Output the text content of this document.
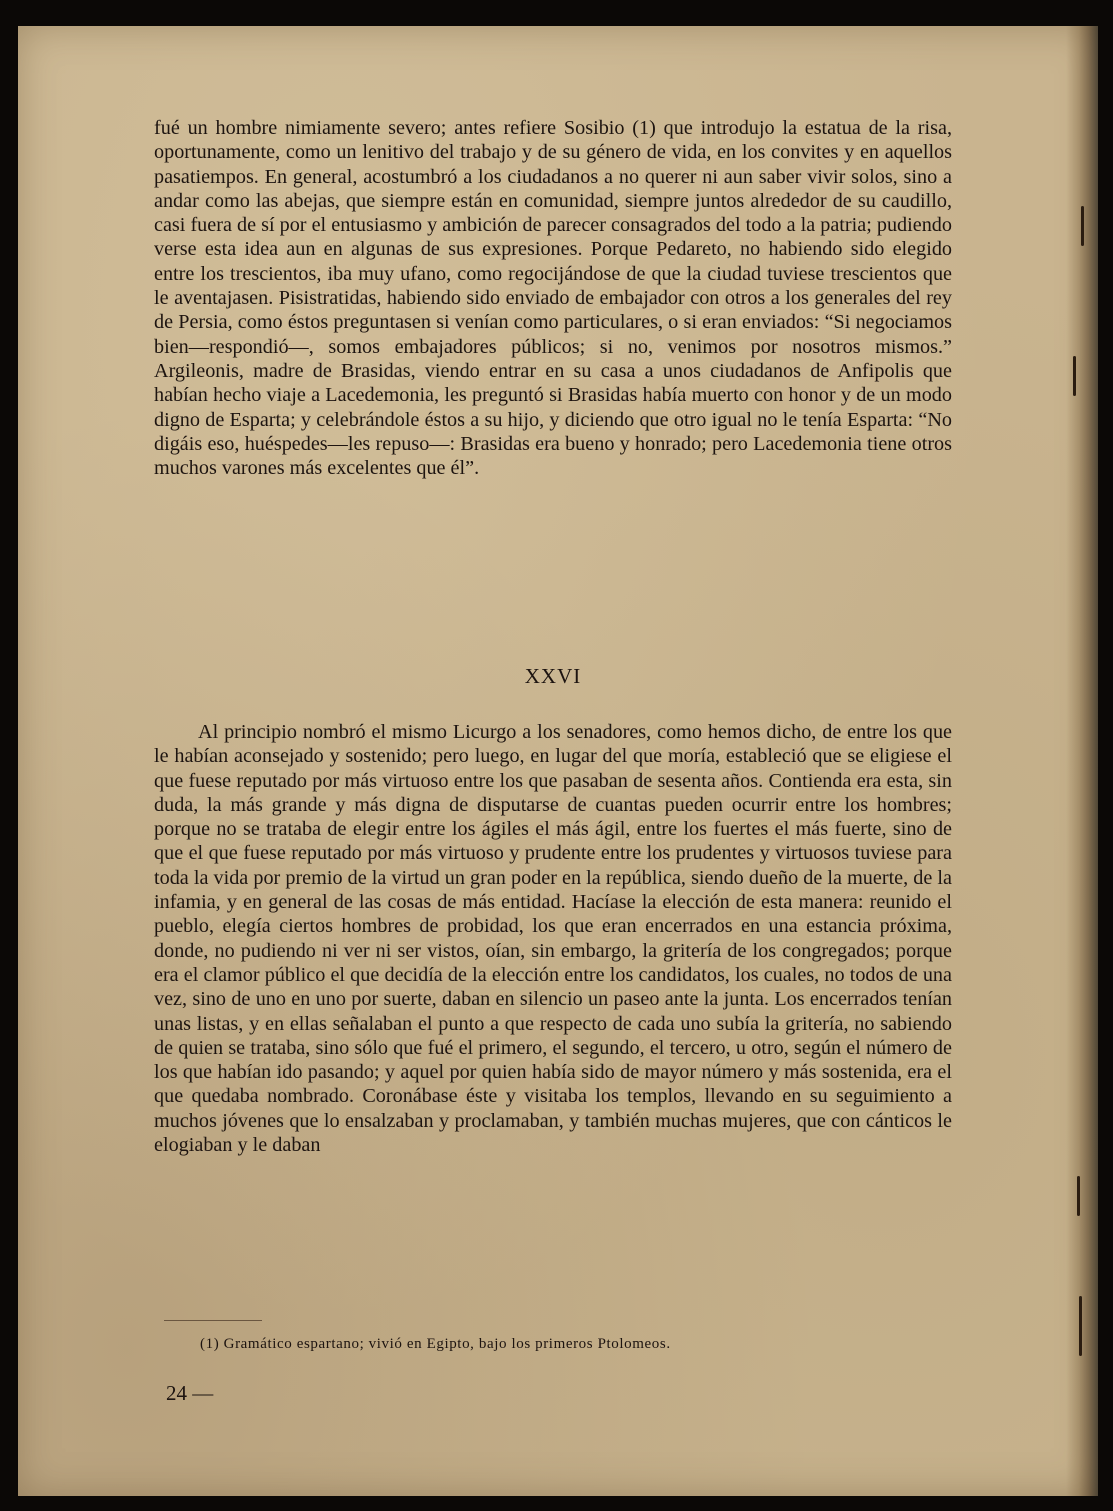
fué un hombre nimiamente severo; antes refiere Sosibio (1) que introdujo la estatua de la risa, oportunamente, como un lenitivo del trabajo y de su género de vida, en los convites y en aquellos pasatiempos. En general, acostumbró a los ciudadanos a no querer ni aun saber vivir solos, sino a andar como las abejas, que siempre están en comunidad, siempre juntos alrededor de su caudillo, casi fuera de sí por el entusiasmo y ambición de parecer consagrados del todo a la patria; pudiendo verse esta idea aun en algunas de sus expresiones. Porque Pedareto, no habiendo sido elegido entre los trescientos, iba muy ufano, como regocijándose de que la ciudad tuviese trescientos que le aventajasen. Pisistratidas, habiendo sido enviado de embajador con otros a los generales del rey de Persia, como éstos preguntasen si venían como particulares, o si eran enviados: “Si negociamos bien—respondió—, somos embajadores públicos; si no, venimos por nosotros mismos.” Argileonis, madre de Brasidas, viendo entrar en su casa a unos ciudadanos de Anfipolis que habían hecho viaje a Lacedemonia, les preguntó si Brasidas había muerto con honor y de un modo digno de Esparta; y celebrándole éstos a su hijo, y diciendo que otro igual no le tenía Esparta: “No digáis eso, huéspedes—les repuso—: Brasidas era bueno y honrado; pero Lacedemonia tiene otros muchos varones más excelentes que él”.

XXVI

Al principio nombró el mismo Licurgo a los senadores, como hemos dicho, de entre los que le habían aconsejado y sostenido; pero luego, en lugar del que moría, estableció que se eligiese el que fuese reputado por más virtuoso entre los que pasaban de sesenta años. Contienda era esta, sin duda, la más grande y más digna de disputarse de cuantas pueden ocurrir entre los hombres; porque no se trataba de elegir entre los ágiles el más ágil, entre los fuertes el más fuerte, sino de que el que fuese reputado por más virtuoso y prudente entre los prudentes y virtuosos tuviese para toda la vida por premio de la virtud un gran poder en la república, siendo dueño de la muerte, de la infamia, y en general de las cosas de más entidad. Hacíase la elección de esta manera: reunido el pueblo, elegía ciertos hombres de probidad, los que eran encerrados en una estancia próxima, donde, no pudiendo ni ver ni ser vistos, oían, sin embargo, la gritería de los congregados; porque era el clamor público el que decidía de la elección entre los candidatos, los cuales, no todos de una vez, sino de uno en uno por suerte, daban en silencio un paseo ante la junta. Los encerrados tenían unas listas, y en ellas señalaban el punto a que respecto de cada uno subía la gritería, no sabiendo de quien se trataba, sino sólo que fué el primero, el segundo, el tercero, u otro, según el número de los que habían ido pasando; y aquel por quien había sido de mayor número y más sostenida, era el que quedaba nombrado. Coronábase éste y visitaba los templos, llevando en su seguimiento a muchos jóvenes que lo ensalzaban y proclamaban, y también muchas mujeres, que con cánticos le elogiaban y le daban

(1) Gramático espartano; vivió en Egipto, bajo los primeros Ptolomeos.
24 —
